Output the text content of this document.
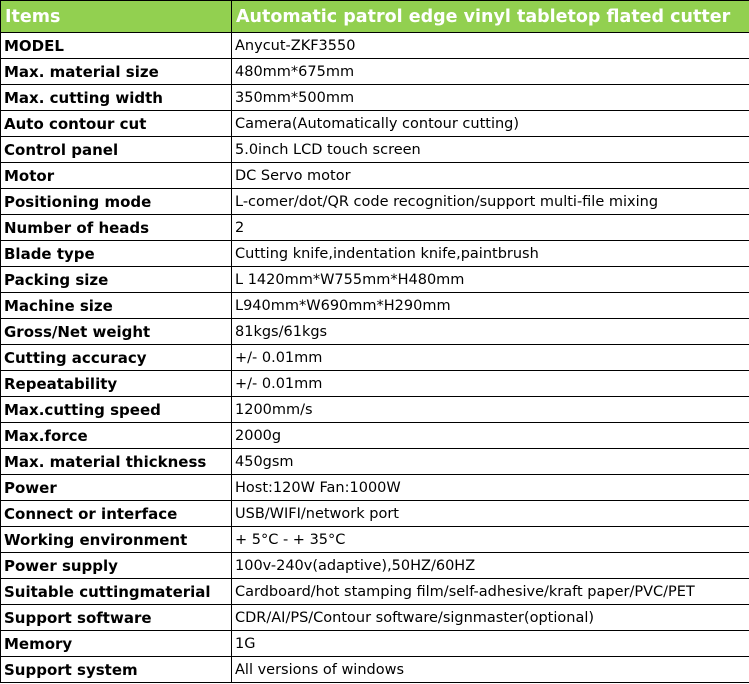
Items	Automatic patrol edge vinyl tabletop flated cutter
MODEL	Anycut-ZKF3550
Max. material size	480mm*675mm
Max. cutting width	350mm*500mm
Auto contour cut	Camera(Automatically contour cutting)
Control panel	5.0inch LCD touch screen
Motor	DC Servo motor
Positioning mode	L-comer/dot/QR code recognition/support multi-file mixing
Number of heads	2
Blade type	Cutting knife,indentation knife,paintbrush
Packing size	L 1420mm*W755mm*H480mm
Machine size	L940mm*W690mm*H290mm
Gross/Net weight	81kgs/61kgs
Cutting accuracy	+/- 0.01mm
Repeatability	+/- 0.01mm
Max.cutting speed	1200mm/s
Max.force	2000g
Max. material thickness	450gsm
Power	Host:120W Fan:1000W
Connect or interface	USB/WIFI/network port
Working environment	+ 5°C - + 35°C
Power supply	100v-240v(adaptive),50HZ/60HZ
Suitable cuttingmaterial	Cardboard/hot stamping film/self-adhesive/kraft paper/PVC/PET
Support software	CDR/AI/PS/Contour software/signmaster(optional)
Memory	1G
Support system	All versions of windows
